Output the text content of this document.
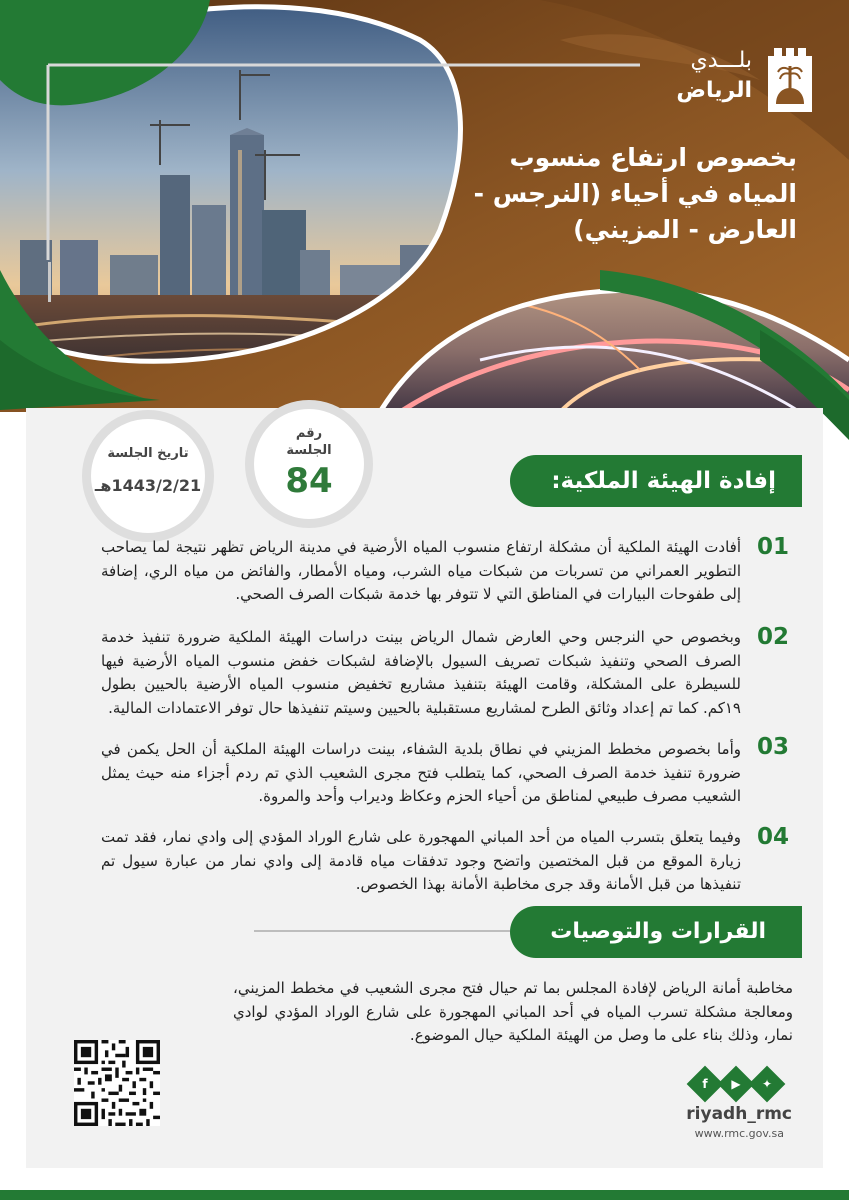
بلـــدي
الرياض
بخصوص ارتفاع منسوب
المياه في أحياء (النرجس -
العارض - المزيني)
تاريخ الجلسة
1443/2/21هـ
رقم الجلسة
84	إفادة الهيئة الملكية:
01
أفادت الهيئة الملكية أن مشكلة ارتفاع منسوب المياه الأرضية في مدينة الرياض تظهر نتيجة لما يصاحب التطوير العمراني من تسربات من شبكات مياه الشرب، ومياه الأمطار، والفائض من مياه الري، إضافة إلى طفوحات البيارات في المناطق التي لا تتوفر بها خدمة شبكات الصرف الصحي.
02
وبخصوص حي النرجس وحي العارض شمال الرياض بينت دراسات الهيئة الملكية ضرورة تنفيذ خدمة الصرف الصحي وتنفيذ شبكات تصريف السيول بالإضافة لشبكات خفض منسوب المياه الأرضية فيها للسيطرة على المشكلة، وقامت الهيئة بتنفيذ مشاريع تخفيض منسوب المياه الأرضية بالحيين بطول ١٩كم. كما تم إعداد وثائق الطرح لمشاريع مستقبلية بالحيين وسيتم تنفيذها حال توفر الاعتمادات المالية.
03
وأما بخصوص مخطط المزيني في نطاق بلدية الشفاء، بينت دراسات الهيئة الملكية أن الحل يكمن في ضرورة تنفيذ خدمة الصرف الصحي، كما يتطلب فتح مجرى الشعيب الذي تم ردم أجزاء منه حيث يمثل الشعيب مصرف طبيعي لمناطق من أحياء الحزم وعكاظ وديراب وأحد والمروة.
04
وفيما يتعلق بتسرب المياه من أحد المباني المهجورة على شارع الوراد المؤدي إلى وادي نمار، فقد تمت زيارة الموقع من قبل المختصين واتضح وجود تدفقات مياه قادمة إلى وادي نمار من عبارة سيول تم تنفيذها من قبل الأمانة وقد جرى مخاطبة الأمانة بهذا الخصوص.
القرارات والتوصيات
مخاطبة أمانة الرياض لإفادة المجلس بما تم حيال فتح مجرى الشعيب في مخطط المزيني، ومعالجة مشكلة تسرب المياه في أحد المباني المهجورة على شارع الوراد المؤدي لوادي نمار، وذلك بناء على ما وصل من الهيئة الملكية حيال الموضوع.
f	▶	✦
riyadh_rmc
www.rmc.gov.sa
